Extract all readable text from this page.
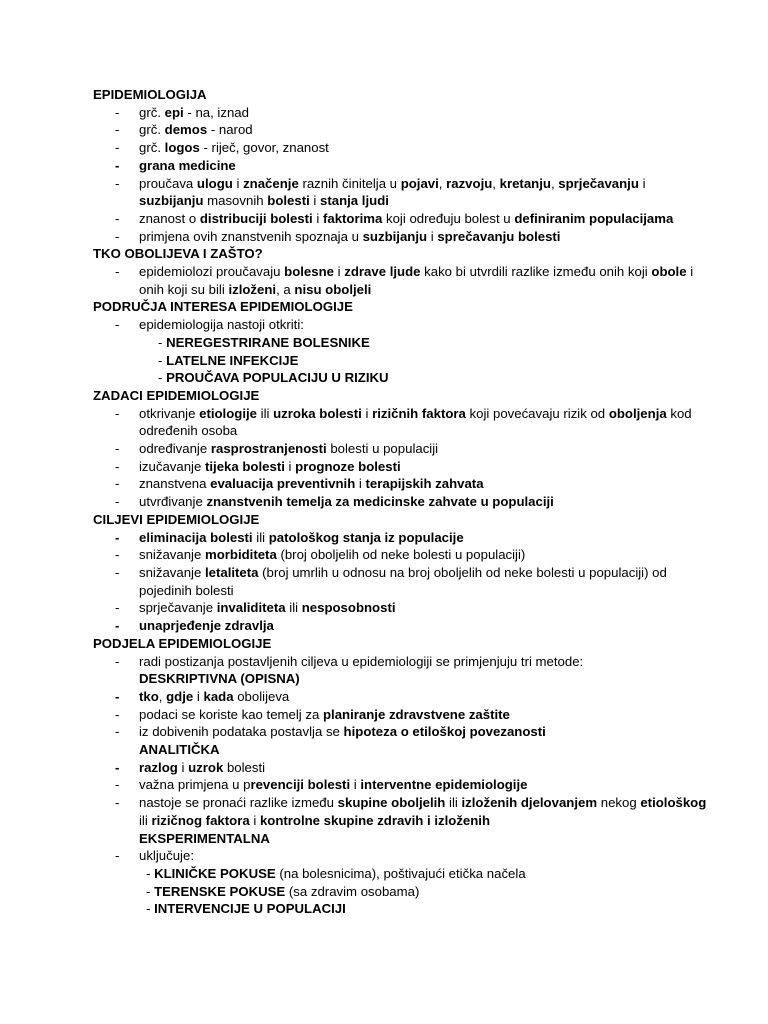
EPIDEMIOLOGIJA
-	grč. epi - na, iznad
-	grč. demos - narod
-	grč. logos - riječ, govor, znanost
-	grana medicine
-	proučava ulogu i značenje raznih činitelja u pojavi, razvoju, kretanju, sprječavanju i suzbijanju masovnih bolesti i stanja ljudi
-	znanost o distribuciji bolesti i faktorima koji određuju bolest u definiranim populacijama
-	primjena ovih znanstvenih spoznaja u suzbijanju i sprečavanju bolesti
TKO OBOLIJEVA I ZAŠTO?
-	epidemiolozi proučavaju bolesne i zdrave ljude kako bi utvrdili razlike između onih koji obole i onih koji su bili izloženi, a nisu oboljeli
PODRUČJA INTERESA EPIDEMIOLOGIJE
-	epidemiologija nastoji otkriti:
- NEREGESTRIRANE BOLESNIKE
- LATELNE INFEKCIJE
- PROUČAVA POPULACIJU U RIZIKU
ZADACI EPIDEMIOLOGIJE
-	otkrivanje etiologije ili uzroka bolesti i rizičnih faktora koji povećavaju rizik od oboljenja kod određenih osoba
-	određivanje rasprostranjenosti bolesti u populaciji
-	izučavanje tijeka bolesti i prognoze bolesti
-	znanstvena evaluacija preventivnih i terapijskih zahvata
-	utvrđivanje znanstvenih temelja za medicinske zahvate u populaciji
CILJEVI EPIDEMIOLOGIJE
-	eliminacija bolesti ili patološkog stanja iz populacije
-	snižavanje morbiditeta (broj oboljelih od neke bolesti u populaciji)
-	snižavanje letaliteta (broj umrlih u odnosu na broj oboljelih od neke bolesti u populaciji) od pojedinih bolesti
-	sprječavanje invaliditeta ili nesposobnosti
-	unaprjeđenje zdravlja
PODJELA EPIDEMIOLOGIJE
-	radi postizanja postavljenih ciljeva u epidemiologiji se primjenjuju tri metode:
DESKRIPTIVNA (OPISNA)
-	tko, gdje i kada obolijeva
-	podaci se koriste kao temelj za planiranje zdravstvene zaštite
-	iz dobivenih podataka postavlja se hipoteza o etiloškoj povezanosti
ANALITIČKA
-	razlog i uzrok bolesti
-	važna primjena u prevenciji bolesti i interventne epidemiologije
-	nastoje se pronaći razlike između skupine oboljelih ili izloženih djelovanjem nekog etiološkog ili rizičnog faktora i kontrolne skupine zdravih i izloženih
EKSPERIMENTALNA
-	uključuje:
- KLINIČKE POKUSE (na bolesnicima), poštivajući etička načela
- TERENSKE POKUSE (sa zdravim osobama)
- INTERVENCIJE U POPULACIJI
